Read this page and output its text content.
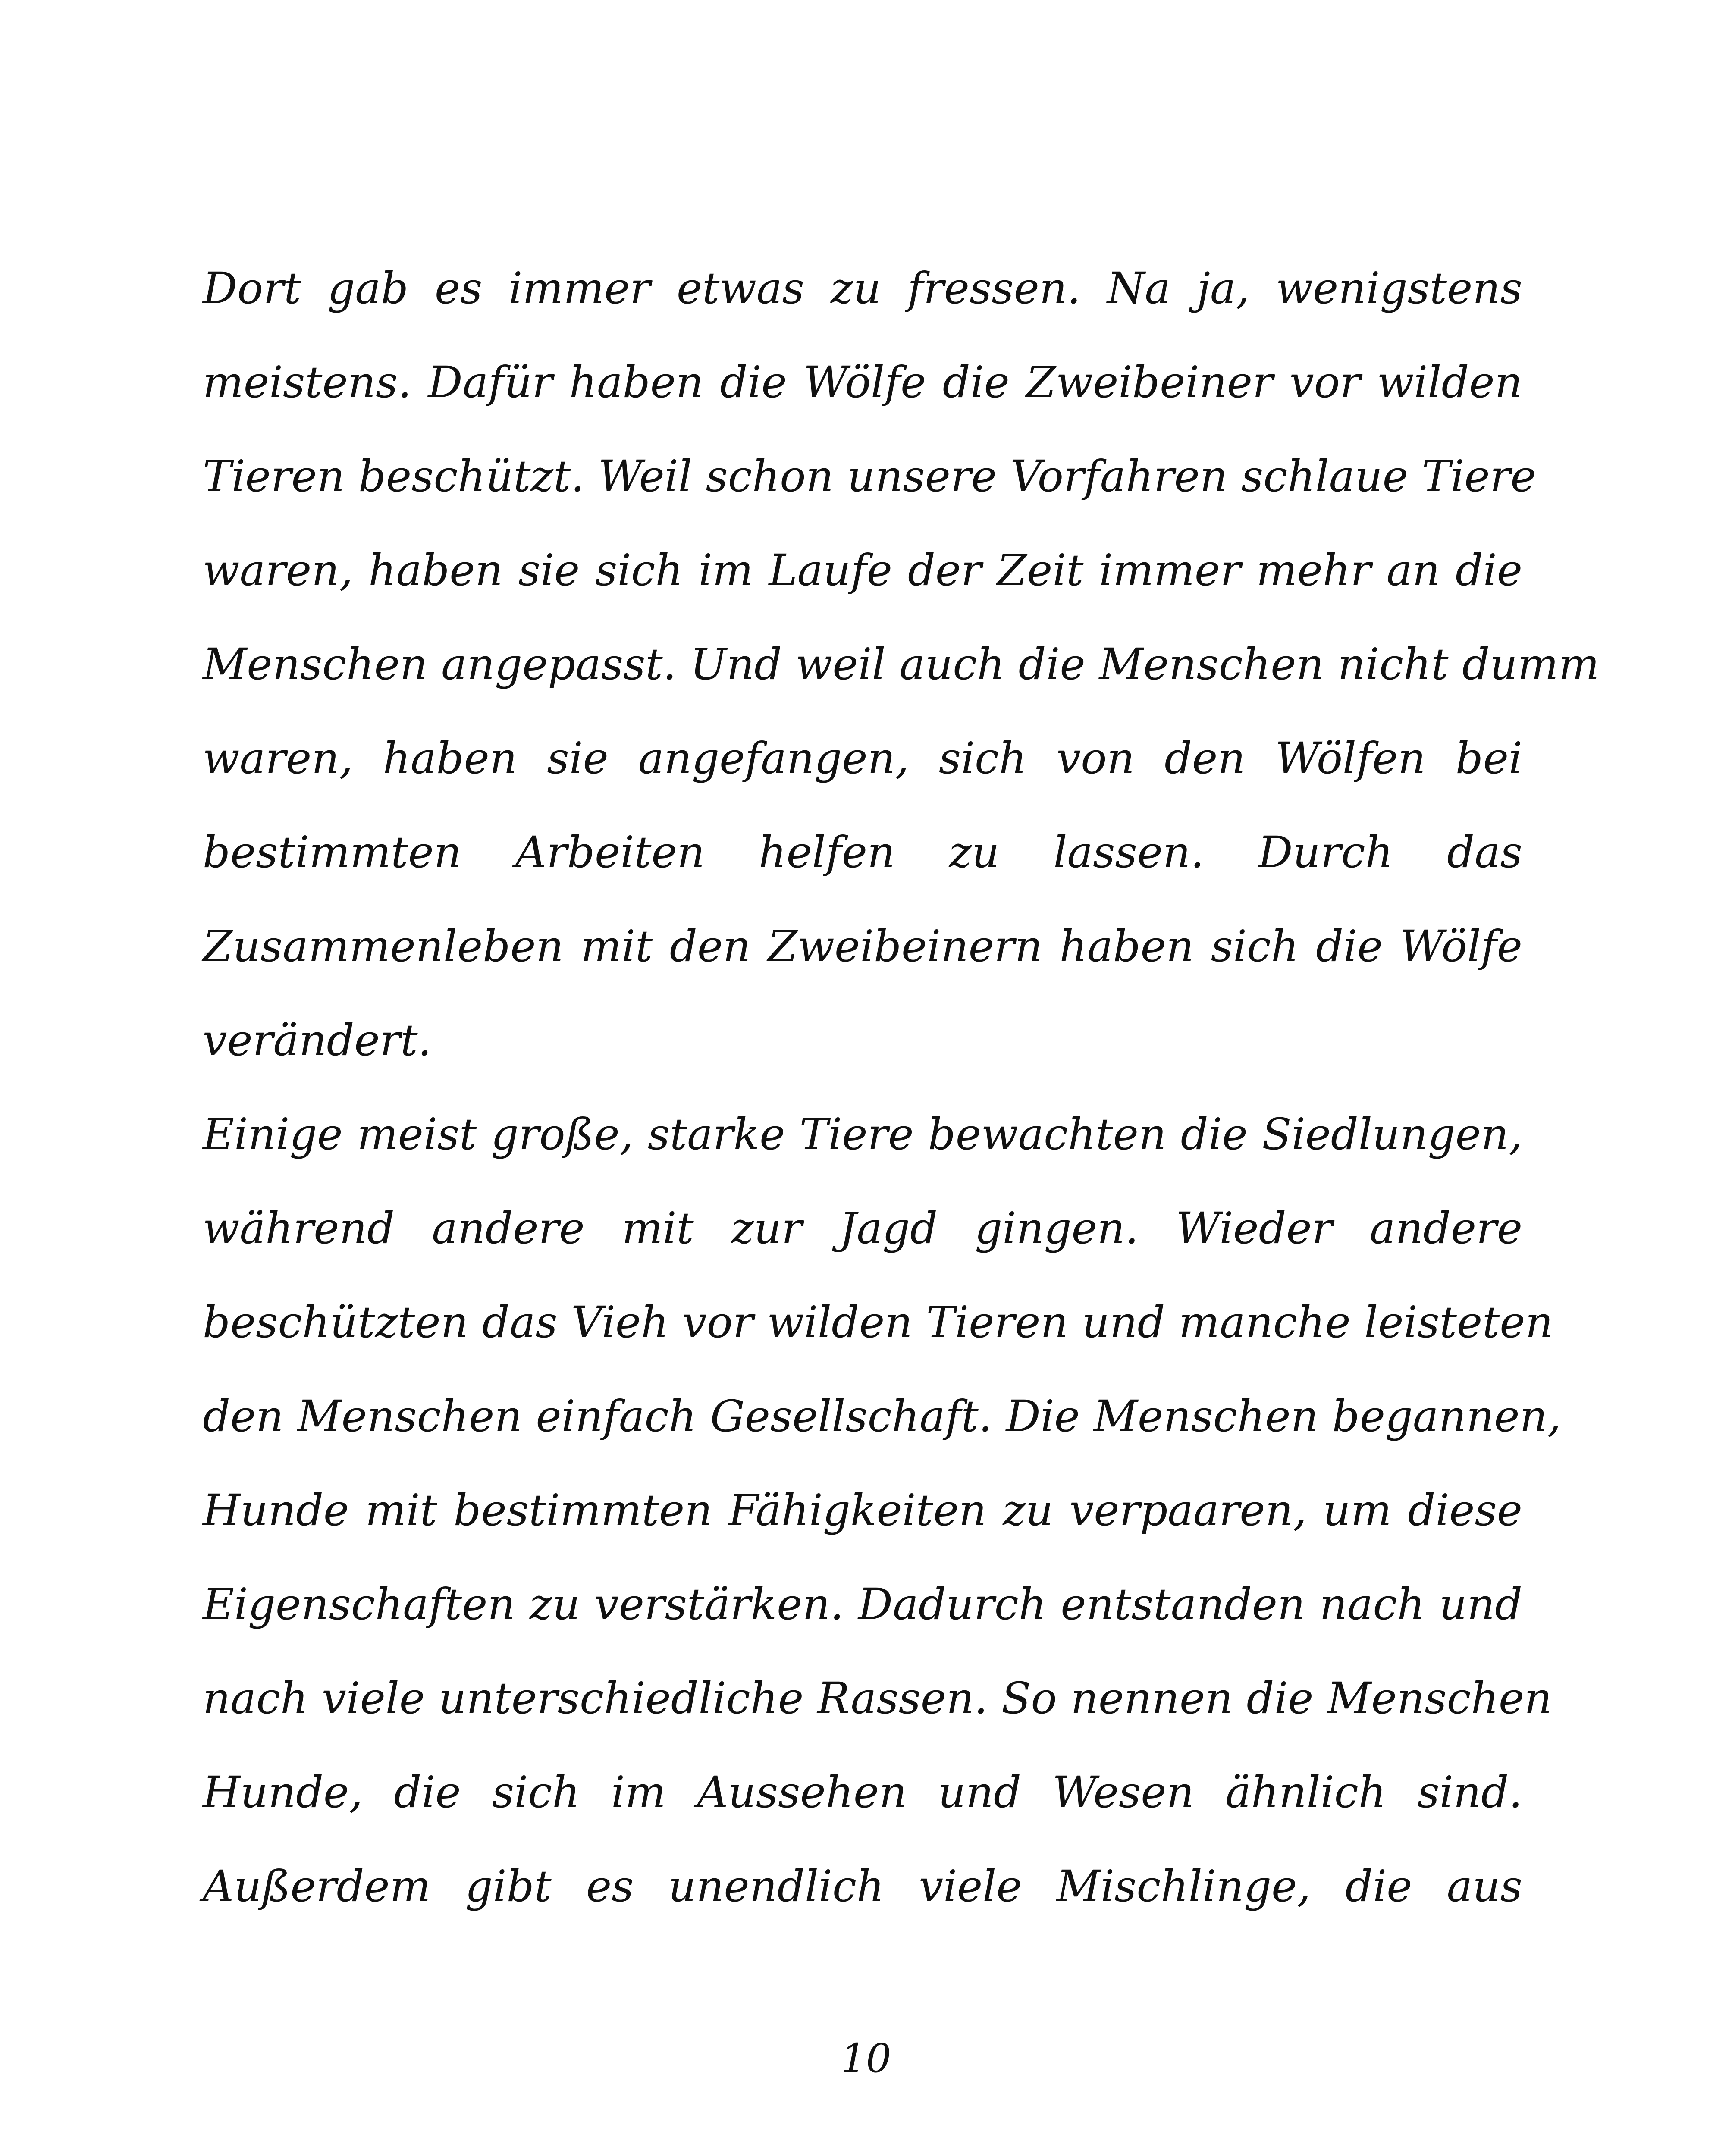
Dort gab es immer etwas zu fressen. Na ja, wenigstens
meistens. Dafür haben die Wölfe die Zweibeiner vor wilden
Tieren beschützt. Weil schon unsere Vorfahren schlaue Tiere
waren, haben sie sich im Laufe der Zeit immer mehr an die
Menschen angepasst. Und weil auch die Menschen nicht dumm
waren, haben sie angefangen, sich von den Wölfen bei
bestimmten Arbeiten helfen zu lassen. Durch das
Zusammenleben mit den Zweibeinern haben sich die Wölfe
verändert.
Einige meist große, starke Tiere bewachten die Siedlungen,
während andere mit zur Jagd gingen. Wieder andere
beschützten das Vieh vor wilden Tieren und manche leisteten
den Menschen einfach Gesellschaft. Die Menschen begannen,
Hunde mit bestimmten Fähigkeiten zu verpaaren, um diese
Eigenschaften zu verstärken. Dadurch entstanden nach und
nach viele unterschiedliche Rassen. So nennen die Menschen
Hunde, die sich im Aussehen und Wesen ähnlich sind.
Außerdem gibt es unendlich viele Mischlinge, die aus
10
